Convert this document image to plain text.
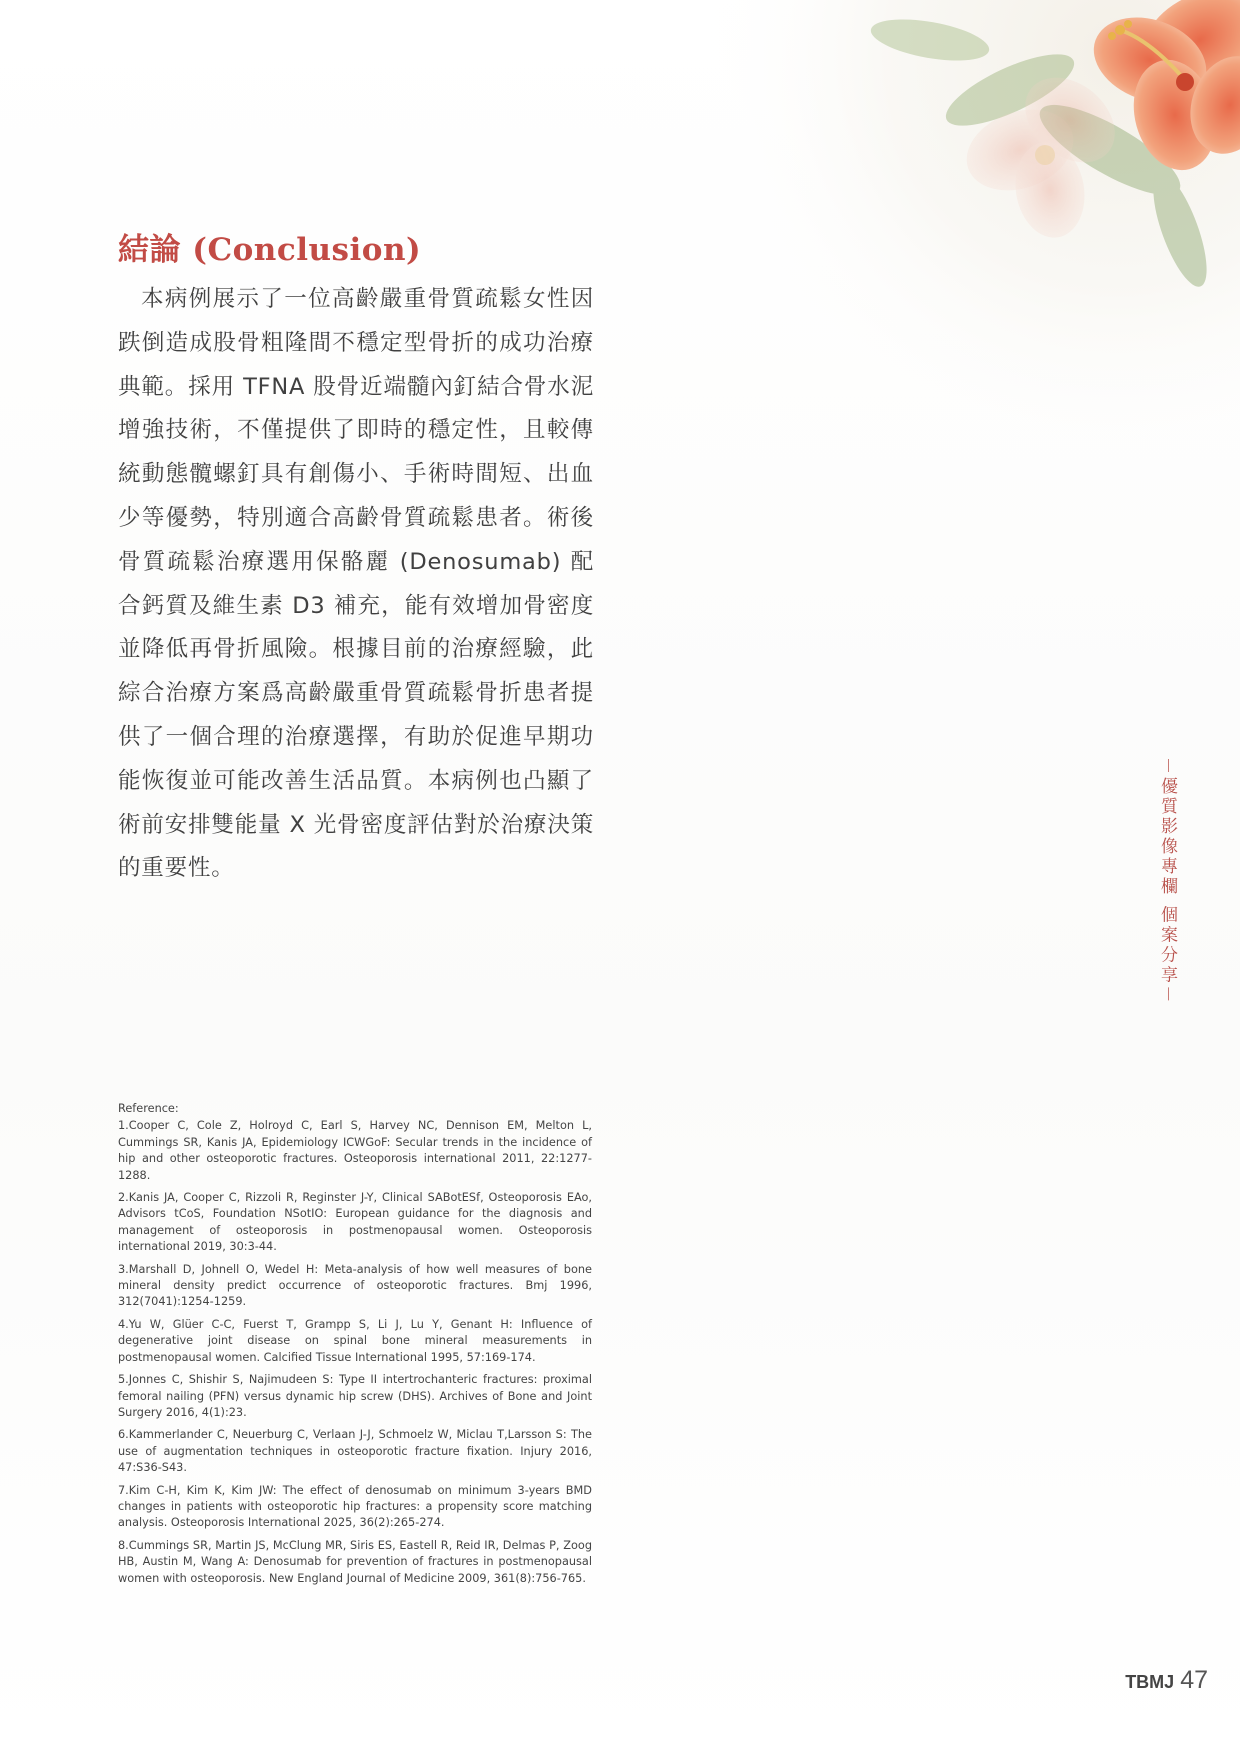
結論 (Conclusion)

本病例展示了一位高齡嚴重骨質疏鬆女性因跌倒造成股骨粗隆間不穩定型骨折的成功治療典範。採用 TFNA 股骨近端髓內釘結合骨水泥增強技術，不僅提供了即時的穩定性，且較傳統動態髖螺釘具有創傷小、手術時間短、出血少等優勢，特別適合高齡骨質疏鬆患者。術後骨質疏鬆治療選用保骼麗 (Denosumab) 配合鈣質及維生素 D3 補充，能有效增加骨密度並降低再骨折風險。根據目前的治療經驗，此綜合治療方案爲高齡嚴重骨質疏鬆骨折患者提供了一個合理的治療選擇，有助於促進早期功能恢復並可能改善生活品質。本病例也凸顯了術前安排雙能量 X 光骨密度評估對於治療決策的重要性。	－優質影像專欄 個案分享－
Reference:
1.Cooper C, Cole Z, Holroyd C, Earl S, Harvey NC, Dennison EM, Melton L, Cummings SR, Kanis JA, Epidemiology ICWGoF: Secular trends in the incidence of hip and other osteoporotic fractures. Osteoporosis international 2011, 22:1277-1288.
2.Kanis JA, Cooper C, Rizzoli R, Reginster J-Y, Clinical SABotESf, Osteoporosis EAo, Advisors tCoS, Foundation NSotIO: European guidance for the diagnosis and management of osteoporosis in postmenopausal women. Osteoporosis international 2019, 30:3-44.
3.Marshall D, Johnell O, Wedel H: Meta-analysis of how well measures of bone mineral density predict occurrence of osteoporotic fractures. Bmj 1996, 312(7041):1254-1259.
4.Yu W, Glüer C-C, Fuerst T, Grampp S, Li J, Lu Y, Genant H: Influence of degenerative joint disease on spinal bone mineral measurements in postmenopausal women. Calcified Tissue International 1995, 57:169-174.
5.Jonnes C, Shishir S, Najimudeen S: Type II intertrochanteric fractures: proximal femoral nailing (PFN) versus dynamic hip screw (DHS). Archives of Bone and Joint Surgery 2016, 4(1):23.
6.Kammerlander C, Neuerburg C, Verlaan J-J, Schmoelz W, Miclau T,Larsson S: The use of augmentation techniques in osteoporotic fracture fixation. Injury 2016, 47:S36-S43.
7.Kim C-H, Kim K, Kim JW: The effect of denosumab on minimum 3-years BMD changes in patients with osteoporotic hip fractures: a propensity score matching analysis. Osteoporosis International 2025, 36(2):265-274.
8.Cummings SR, Martin JS, McClung MR, Siris ES, Eastell R, Reid IR, Delmas P, Zoog HB, Austin M, Wang A: Denosumab for prevention of fractures in postmenopausal women with osteoporosis. New England Journal of Medicine 2009, 361(8):756-765.
TBMJ 47
